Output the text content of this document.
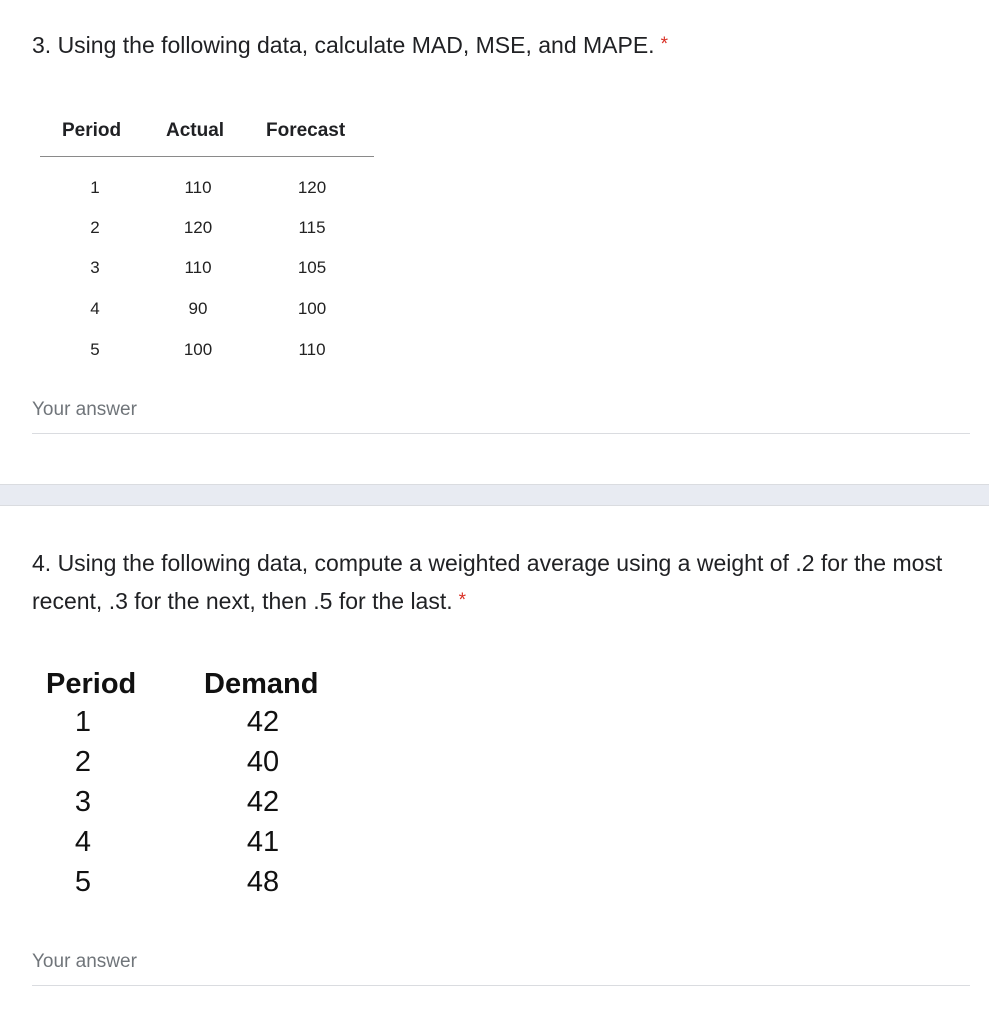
3. Using the following data, calculate MAD, MSE, and MAPE. *
Period Actual Forecast
1	110	120
2	120	115
3	110	105
4	90	100
5	100	110
Your answer
4. Using the following data, compute a weighted average using a weight of .2 for the most recent, .3 for the next, then .5 for the last. *
Period Demand
1	42
2	40
3	42
4	41
5	48
Your answer
